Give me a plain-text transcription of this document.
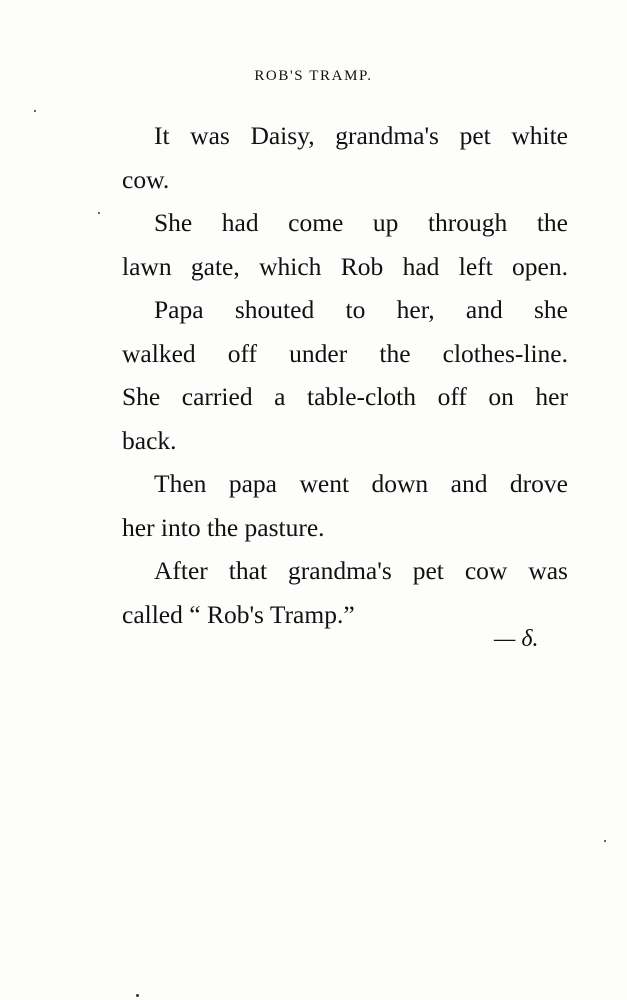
ROB'S TRAMP.
It was Daisy, grandma's pet white
cow.
She had come up through the
lawn gate, which Rob had left open.
Papa shouted to her, and she
walked off under the clothes-line.
She carried a table-cloth off on her
back.
Then papa went down and drove
her into the pasture.
After that grandma's pet cow was
called “ Rob's Tramp.”
— δ.
